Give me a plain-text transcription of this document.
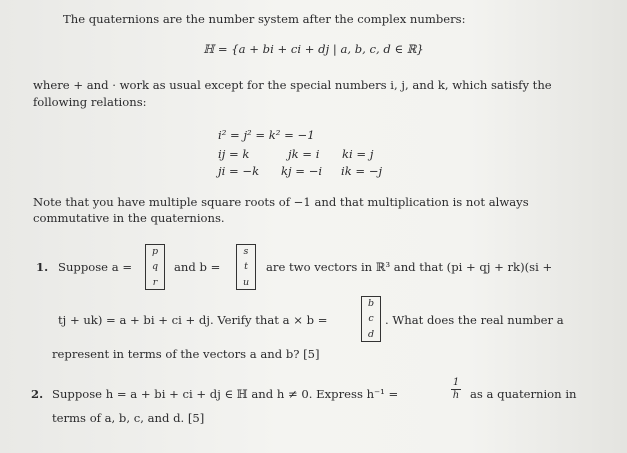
The quaternions are the number system after the complex numbers:
ℍ = {a + bi + ci + dj | a, b, c, d ∈ ℝ}
where + and · work as usual except for the special numbers i, j, and k, which satisfy the
following relations:
i² = j² = k² = −1
ij = k	jk = i ki = j
ji = −k kj = −i ik = −j
Note that you have multiple square roots of −1 and that multiplication is not always
commutative in the quaternions.
1. Suppose a =
p
q
r
and b =
s
t
u
are two vectors in ℝ³ and that (pi + qj + rk)(si +
tj + uk) = a + bi + ci + dj. Verify that a × b =
b
c
d
. What does the real number a
represent in terms of the vectors a and b? [5]
2. Suppose h = a + bi + ci + dj ∈ ℍ and h ≠ 0. Express h⁻¹ =
1
h as a quaternion in
terms of a, b, c, and d. [5]
